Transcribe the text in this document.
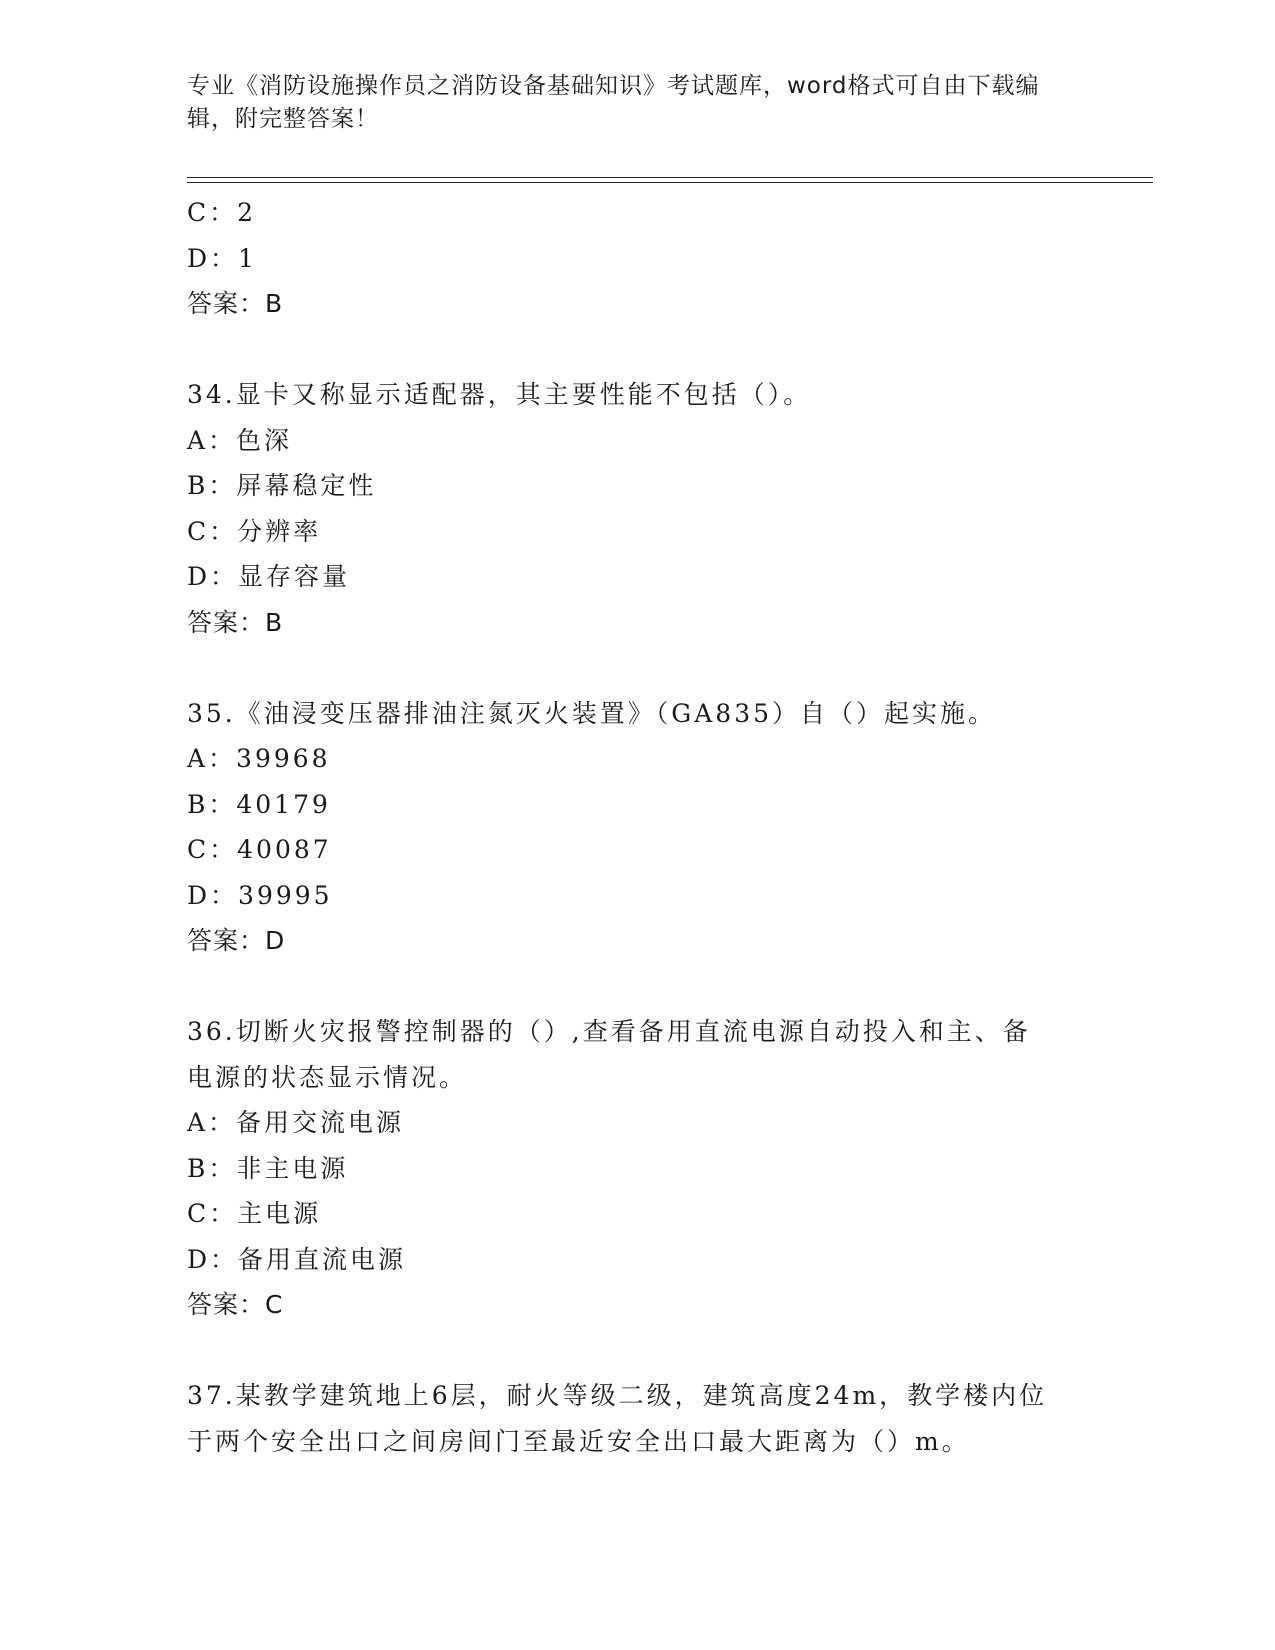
专业《消防设施操作员之消防设备基础知识》考试题库，word格式可自由下载编
辑，附完整答案！
C：2
D：1
答案：B
34.显卡又称显示适配器，其主要性能不包括（）。
A：色深
B：屏幕稳定性
C：分辨率
D：显存容量
答案：B
35.《油浸变压器排油注氮灭火装置》（GA835）自（）起实施。
A：39968
B：40179
C：40087
D：39995
答案：D
36.切断火灾报警控制器的（）,查看备用直流电源自动投入和主、备
电源的状态显示情况。
A：备用交流电源
B：非主电源
C：主电源
D：备用直流电源
答案：C
37.某教学建筑地上6层，耐火等级二级，建筑高度24m，教学楼内位
于两个安全出口之间房间门至最近安全出口最大距离为（）m。
